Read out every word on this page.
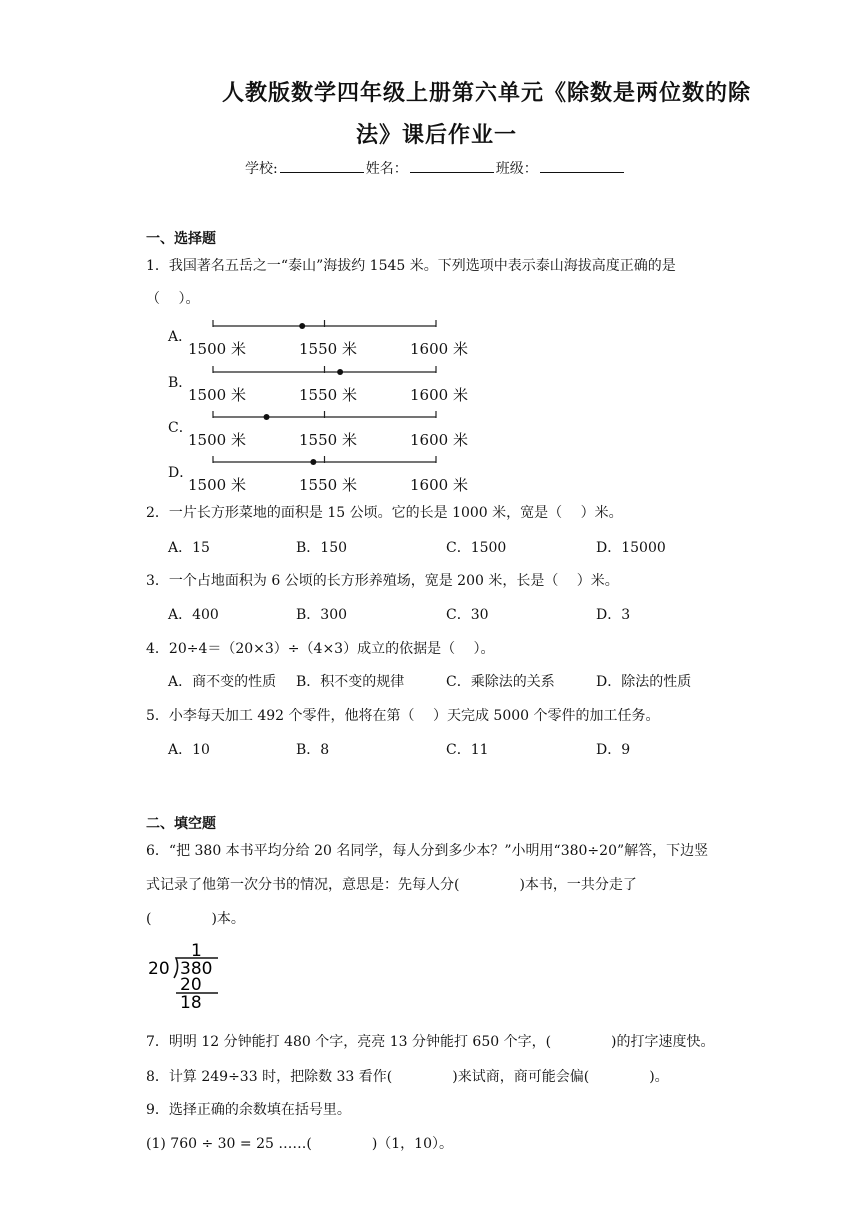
人教版数学四年级上册第六单元《除数是两位数的除
法》课后作业一
学校:	姓名：	班级：
一、选择题
1．我国著名五岳之一“泰山”海拔约 1545 米。下列选项中表示泰山海拔高度正确的是
（　 ）。
A．
1500 米	1550 米	1600 米
B．
1500 米	1550 米	1600 米
C．
1500 米	1550 米	1600 米
D．
1500 米	1550 米	1600 米
2．一片长方形菜地的面积是 15 公顷。它的长是 1000 米，宽是（　 ）米。
A．15	B．150	C．1500	D．15000
3．一个占地面积为 6 公顷的长方形养殖场，宽是 200 米，长是（　 ）米。
A．400	B．300	C．30	D．3
4．20÷4＝（20×3）÷（4×3）成立的依据是（　 ）。
A．商不变的性质 B．积不变的规律	C．乘除法的关系	D．除法的性质
5．小李每天加工 492 个零件，他将在第（　 ）天完成 5000 个零件的加工任务。
A．10	B．8	C．11	D．9
二、填空题
6．“把 380 本书平均分给 20 名同学，每人分到多少本？”小明用“380÷20”解答，下边竖
式记录了他第一次分书的情况，意思是：先每人分(	)本书，一共分走了
(	)本。
1
20 380
20
18
7．明明 12 分钟能打 480 个字，亮亮 13 分钟能打 650 个字，(	)的打字速度快。
8．计算 249÷33 时，把除数 33 看作(	)来试商，商可能会偏(	)。
9．选择正确的余数填在括号里。
(1) 760 ÷ 30 = 25 ……(	)（1，10）。
